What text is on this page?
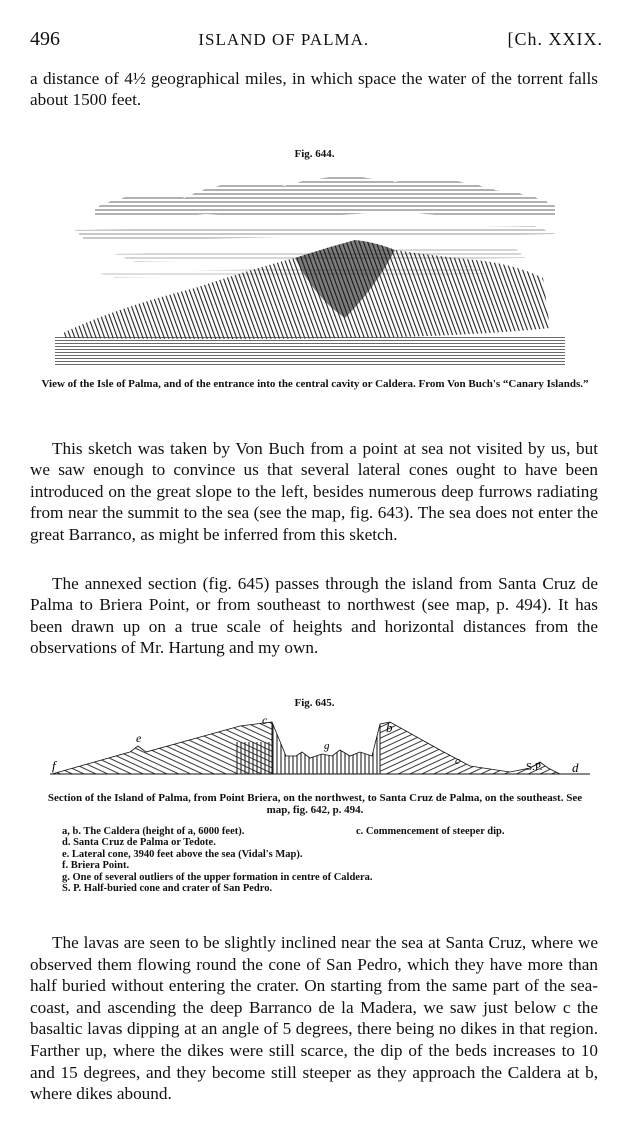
496	ISLAND OF PALMA.	[Ch. XXIX.

a distance of 4½ geographical miles, in which space the water of the torrent falls about 1500 feet.

Fig. 644.
View of the Isle of Palma, and of the entrance into the central cavity or Caldera. From Von Buch's “Canary Islands.”

This sketch was taken by Von Buch from a point at sea not visited by us, but we saw enough to convince us that several lateral cones ought to have been introduced on the great slope to the left, besides numerous deep furrows radiating from near the summit to the sea (see the map, fig. 643). The sea does not enter the great Barranco, as might be inferred from this sketch.

The annexed section (fig. 645) passes through the island from Santa Cruz de Palma to Briera Point, or from southeast to northwest (see map, p. 494). It has been drawn up on a true scale of heights and horizontal distances from the observations of Mr. Hartung and my own.

Fig. 645.
f
e
c
g
b
c	S.P. d
Section of the Island of Palma, from Point Briera, on the northwest, to Santa Cruz de Palma, on the southeast. See map, fig. 642, p. 494.
a, b. The Caldera (height of a, 6000 feet).	c. Commencement of steeper dip.
d. Santa Cruz de Palma or Tedote.
e. Lateral cone, 3940 feet above the sea (Vidal's Map).
f. Briera Point.
g. One of several outliers of the upper formation in centre of Caldera.
S. P. Half-buried cone and crater of San Pedro.

The lavas are seen to be slightly inclined near the sea at Santa Cruz, where we observed them flowing round the cone of San Pedro, which they have more than half buried without entering the crater. On starting from the same part of the sea-coast, and ascending the deep Barranco de la Madera, we saw just below c the basaltic lavas dipping at an angle of 5 degrees, there being no dikes in that region. Farther up, where the dikes were still scarce, the dip of the beds increases to 10 and 15 degrees, and they become still steeper as they approach the Caldera at b, where dikes abound.
